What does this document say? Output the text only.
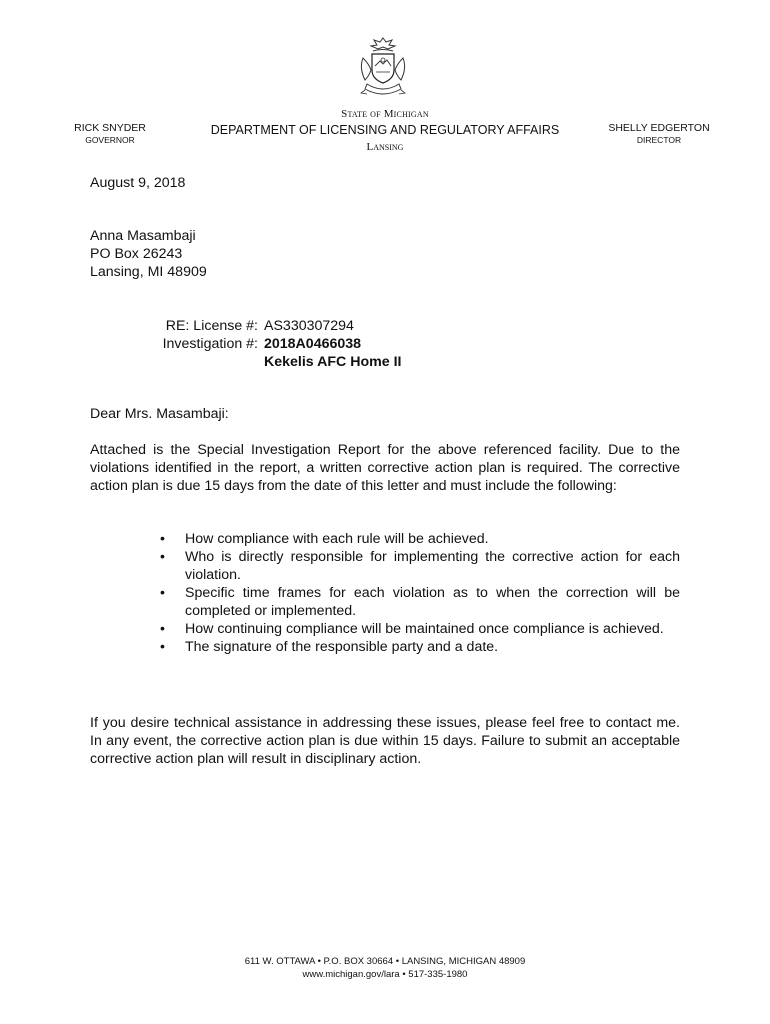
RICK SNYDER
GOVERNOR
State of Michigan
DEPARTMENT OF LICENSING AND REGULATORY AFFAIRS
Lansing
SHELLY EDGERTON
DIRECTOR
August 9, 2018
Anna Masambaji
PO Box 26243
Lansing, MI 48909
RE: License #: AS330307294
Investigation #: 2018A0466038
Kekelis AFC Home II
Dear Mrs. Masambaji:
Attached is the Special Investigation Report for the above referenced facility. Due to the violations identified in the report, a written corrective action plan is required. The corrective action plan is due 15 days from the date of this letter and must include the following:
• How compliance with each rule will be achieved.
• Who is directly responsible for implementing the corrective action for each violation.
• Specific time frames for each violation as to when the correction will be completed or implemented.
• How continuing compliance will be maintained once compliance is achieved.
• The signature of the responsible party and a date.
If you desire technical assistance in addressing these issues, please feel free to contact me. In any event, the corrective action plan is due within 15 days. Failure to submit an acceptable corrective action plan will result in disciplinary action.
611 W. OTTAWA • P.O. BOX 30664 • LANSING, MICHIGAN 48909
www.michigan.gov/lara • 517-335-1980
